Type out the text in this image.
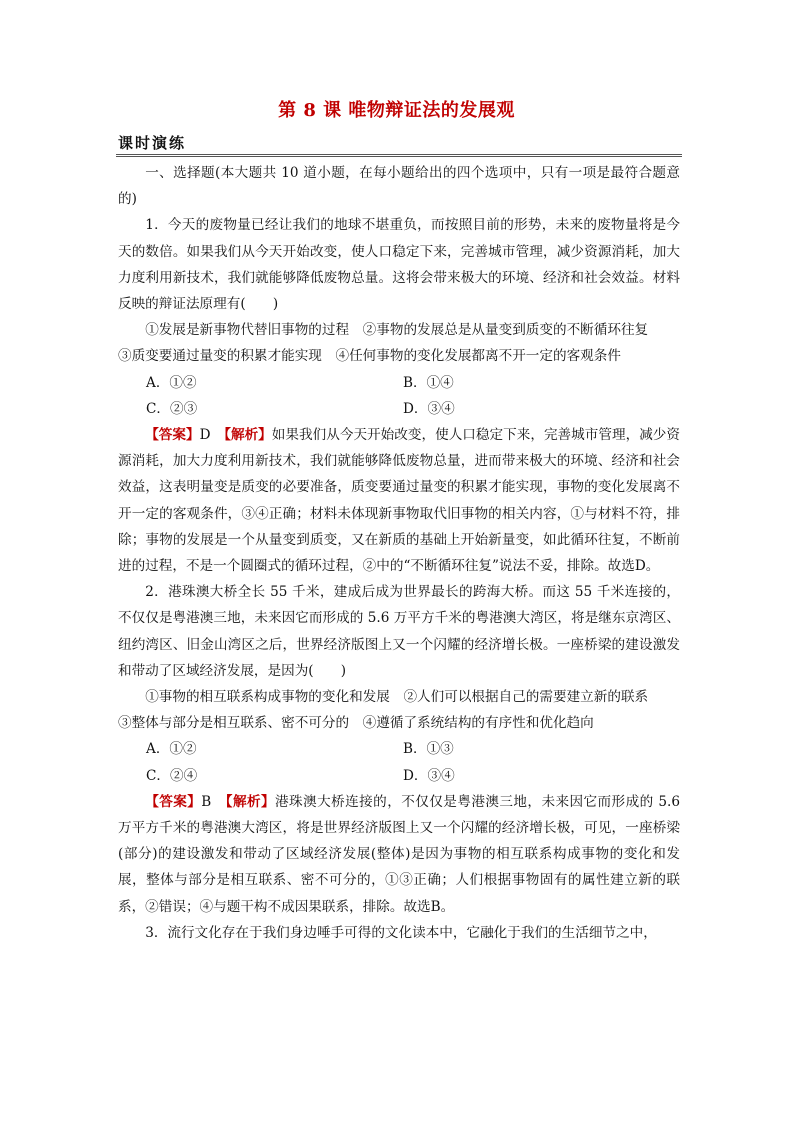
第 8 课 唯物辩证法的发展观
课时演练

一、选择题(本大题共 10 道小题，在每小题给出的四个选项中，只有一项是最符合题意的)

1．今天的废物量已经让我们的地球不堪重负，而按照目前的形势，未来的废物量将是今天的数倍。如果我们从今天开始改变，使人口稳定下来，完善城市管理，减少资源消耗，加大力度利用新技术，我们就能够降低废物总量。这将会带来极大的环境、经济和社会效益。材料反映的辩证法原理有(　　)

①发展是新事物代替旧事物的过程　②事物的发展总是从量变到质变的不断循环往复

③质变要通过量变的积累才能实现　④任何事物的变化发展都离不开一定的客观条件

A．①②	B．①④
C．②③	D．③④

【答案】D　 【解析】如果我们从今天开始改变，使人口稳定下来，完善城市管理，减少资源消耗，加大力度利用新技术，我们就能够降低废物总量，进而带来极大的环境、经济和社会效益，这表明量变是质变的必要准备，质变要通过量变的积累才能实现，事物的变化发展离不开一定的客观条件，③④正确；材料未体现新事物取代旧事物的相关内容，①与材料不符，排除；事物的发展是一个从量变到质变，又在新质的基础上开始新量变，如此循环往复，不断前进的过程，不是一个圆圈式的循环过程，②中的“不断循环往复”说法不妥，排除。故选D。

2．港珠澳大桥全长 55 千米，建成后成为世界最长的跨海大桥。而这 55 千米连接的，不仅仅是粤港澳三地，未来因它而形成的 5.6 万平方千米的粤港澳大湾区，将是继东京湾区、纽约湾区、旧金山湾区之后，世界经济版图上又一个闪耀的经济增长极。一座桥梁的建设激发和带动了区域经济发展，是因为(　　)

①事物的相互联系构成事物的变化和发展　②人们可以根据自己的需要建立新的联系

③整体与部分是相互联系、密不可分的　④遵循了系统结构的有序性和优化趋向

A．①②	B．①③
C．②④	D．③④

【答案】B　 【解析】港珠澳大桥连接的，不仅仅是粤港澳三地，未来因它而形成的 5.6 万平方千米的粤港澳大湾区，将是世界经济版图上又一个闪耀的经济增长极，可见，一座桥梁(部分)的建设激发和带动了区域经济发展(整体)是因为事物的相互联系构成事物的变化和发展，整体与部分是相互联系、密不可分的，①③正确；人们根据事物固有的属性建立新的联系，②错误；④与题干构不成因果联系，排除。故选B。

3．流行文化存在于我们身边唾手可得的文化读本中，它融化于我们的生活细节之中，
